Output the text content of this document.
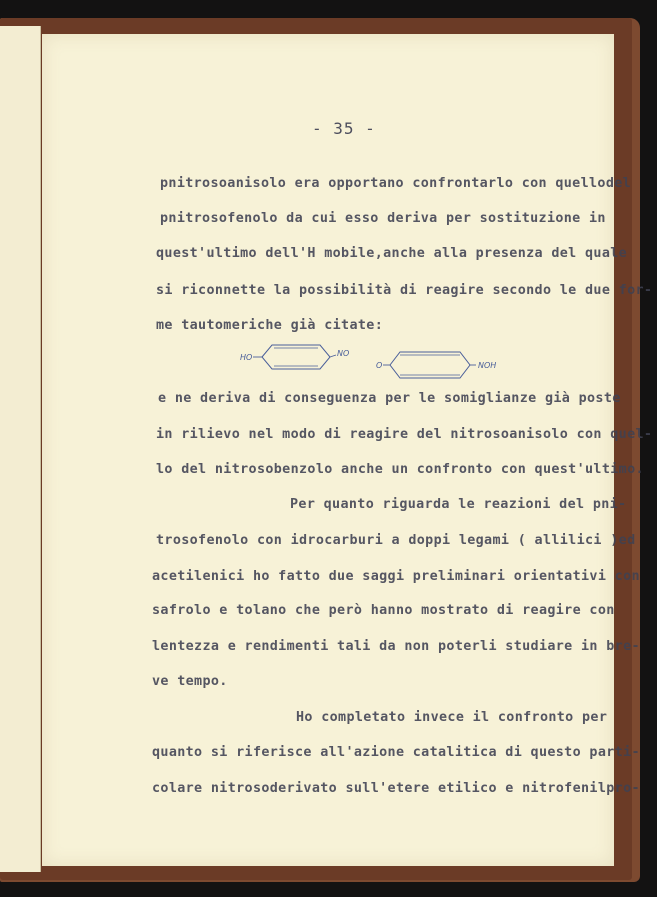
- 35 -
pnitrosoanisolo era opportano confrontarlo con quellodel
pnitrosofenolo da cui esso deriva per sostituzione in
quest'ultimo dell'H mobile,anche alla presenza del quale
si riconnette la possibilità di reagire secondo le due for-
me tautomeriche già citate:
HO	NO
O	NOH
e ne deriva di conseguenza per le somiglianze già poste
in rilievo nel modo di reagire del nitrosoanisolo con quel-
lo del nitrosobenzolo anche un confronto con quest'ultimo.
Per quanto riguarda le reazioni del pni-
trosofenolo con idrocarburi a doppi legami ( allilici )ed
acetilenici ho fatto due saggi preliminari orientativi con
safrolo e tolano che però hanno mostrato di reagire con
lentezza e rendimenti tali da non poterli studiare in bre-
ve tempo.
Ho completato invece il confronto per
quanto si riferisce all'azione catalitica di questo parti-
colare nitrosoderivato sull'etere etilico e nitrofenilpro-
